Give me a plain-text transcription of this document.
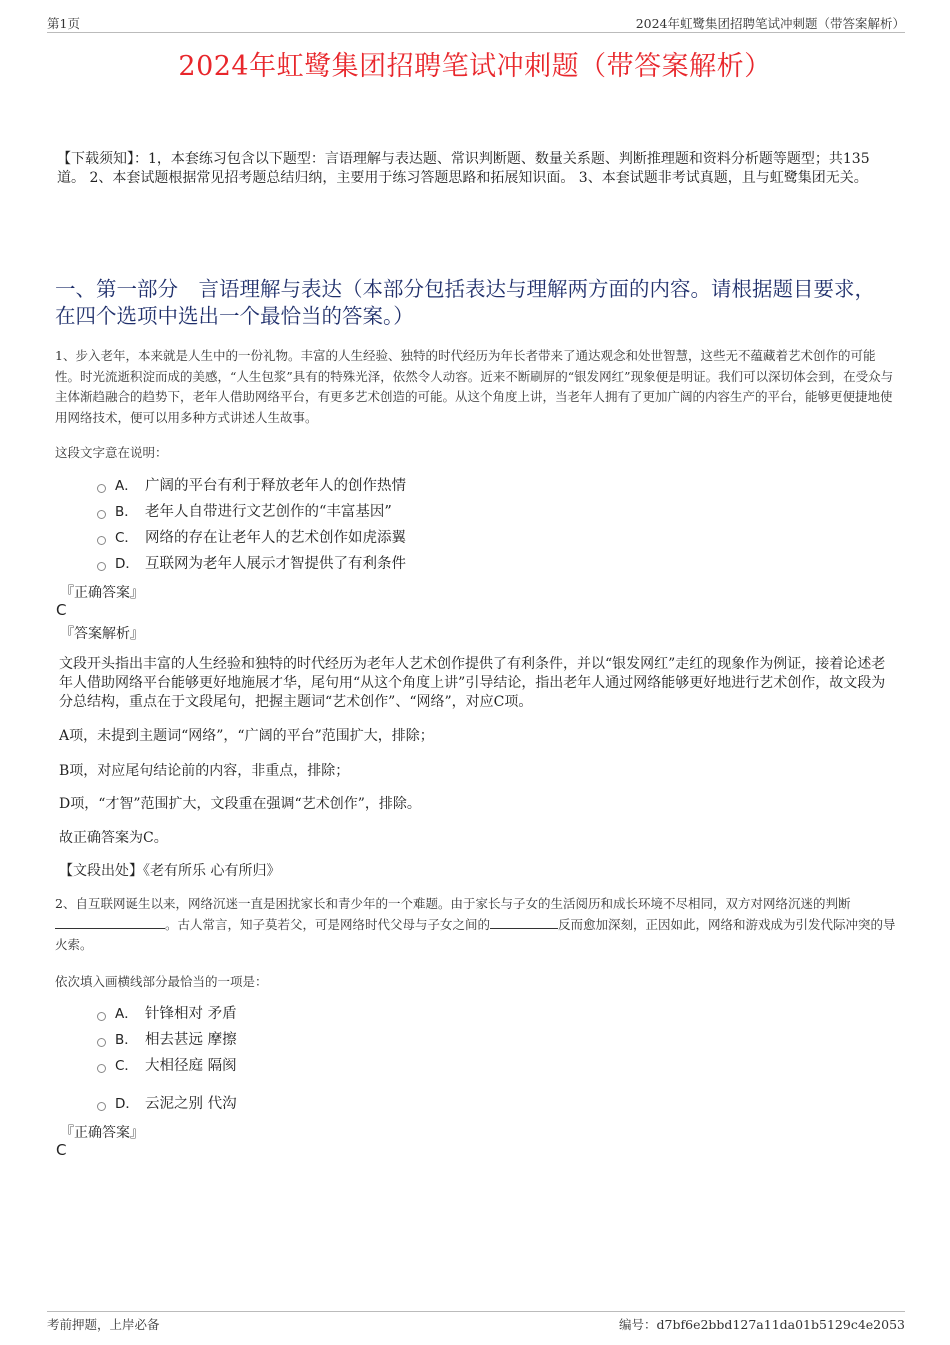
第1页	2024年虹鹭集团招聘笔试冲刺题（带答案解析）
2024年虹鹭集团招聘笔试冲刺题（带答案解析）
【下载须知】：1，本套练习包含以下题型：言语理解与表达题、常识判断题、数量关系题、判断推理题和资料分析题等题型；共135道。 2、本套试题根据常见招考题总结归纳，主要用于练习答题思路和拓展知识面。 3、本套试题非考试真题，且与虹鹭集团无关。
一、第一部分　言语理解与表达（本部分包括表达与理解两方面的内容。请根据题目要求，在四个选项中选出一个最恰当的答案。）
1、步入老年，本来就是人生中的一份礼物。丰富的人生经验、独特的时代经历为年长者带来了通达观念和处世智慧，这些无不蕴藏着艺术创作的可能性。时光流逝积淀而成的美感，“人生包浆”具有的特殊光泽，依然令人动容。近来不断刷屏的“银发网红”现象便是明证。我们可以深切体会到，在受众与主体渐趋融合的趋势下，老年人借助网络平台，有更多艺术创造的可能。从这个角度上讲，当老年人拥有了更加广阔的内容生产的平台，能够更便捷地使用网络技术，便可以用多种方式讲述人生故事。
这段文字意在说明：
A． 广阔的平台有利于释放老年人的创作热情
B． 老年人自带进行文艺创作的“丰富基因”
C． 网络的存在让老年人的艺术创作如虎添翼
D． 互联网为老年人展示才智提供了有利条件
『正确答案』
C
『答案解析』
文段开头指出丰富的人生经验和独特的时代经历为老年人艺术创作提供了有利条件，并以“银发网红”走红的现象作为例证，接着论述老年人借助网络平台能够更好地施展才华，尾句用“从这个角度上讲”引导结论，指出老年人通过网络能够更好地进行艺术创作，故文段为分总结构，重点在于文段尾句，把握主题词“艺术创作”、“网络”，对应C项。
A项，未提到主题词“网络”，“广阔的平台”范围扩大，排除；
B项，对应尾句结论前的内容，非重点，排除；
D项，“才智”范围扩大，文段重在强调“艺术创作”，排除。
故正确答案为C。
【文段出处】《老有所乐 心有所归》
2、自互联网诞生以来，网络沉迷一直是困扰家长和青少年的一个难题。由于家长与子女的生活阅历和成长环境不尽相同，双方对网络沉迷的判断。古人常言，知子莫若父，可是网络时代父母与子女之间的	反而愈加深刻，正因如此，网络和游戏成为引发代际冲突的导火索。
依次填入画横线部分最恰当的一项是：
A． 针锋相对 矛盾
B． 相去甚远 摩擦
C． 大相径庭 隔阂
D． 云泥之别 代沟
『正确答案』
C
考前押题，上岸必备	编号：d7bf6e2bbd127a11da01b5129c4e2053
